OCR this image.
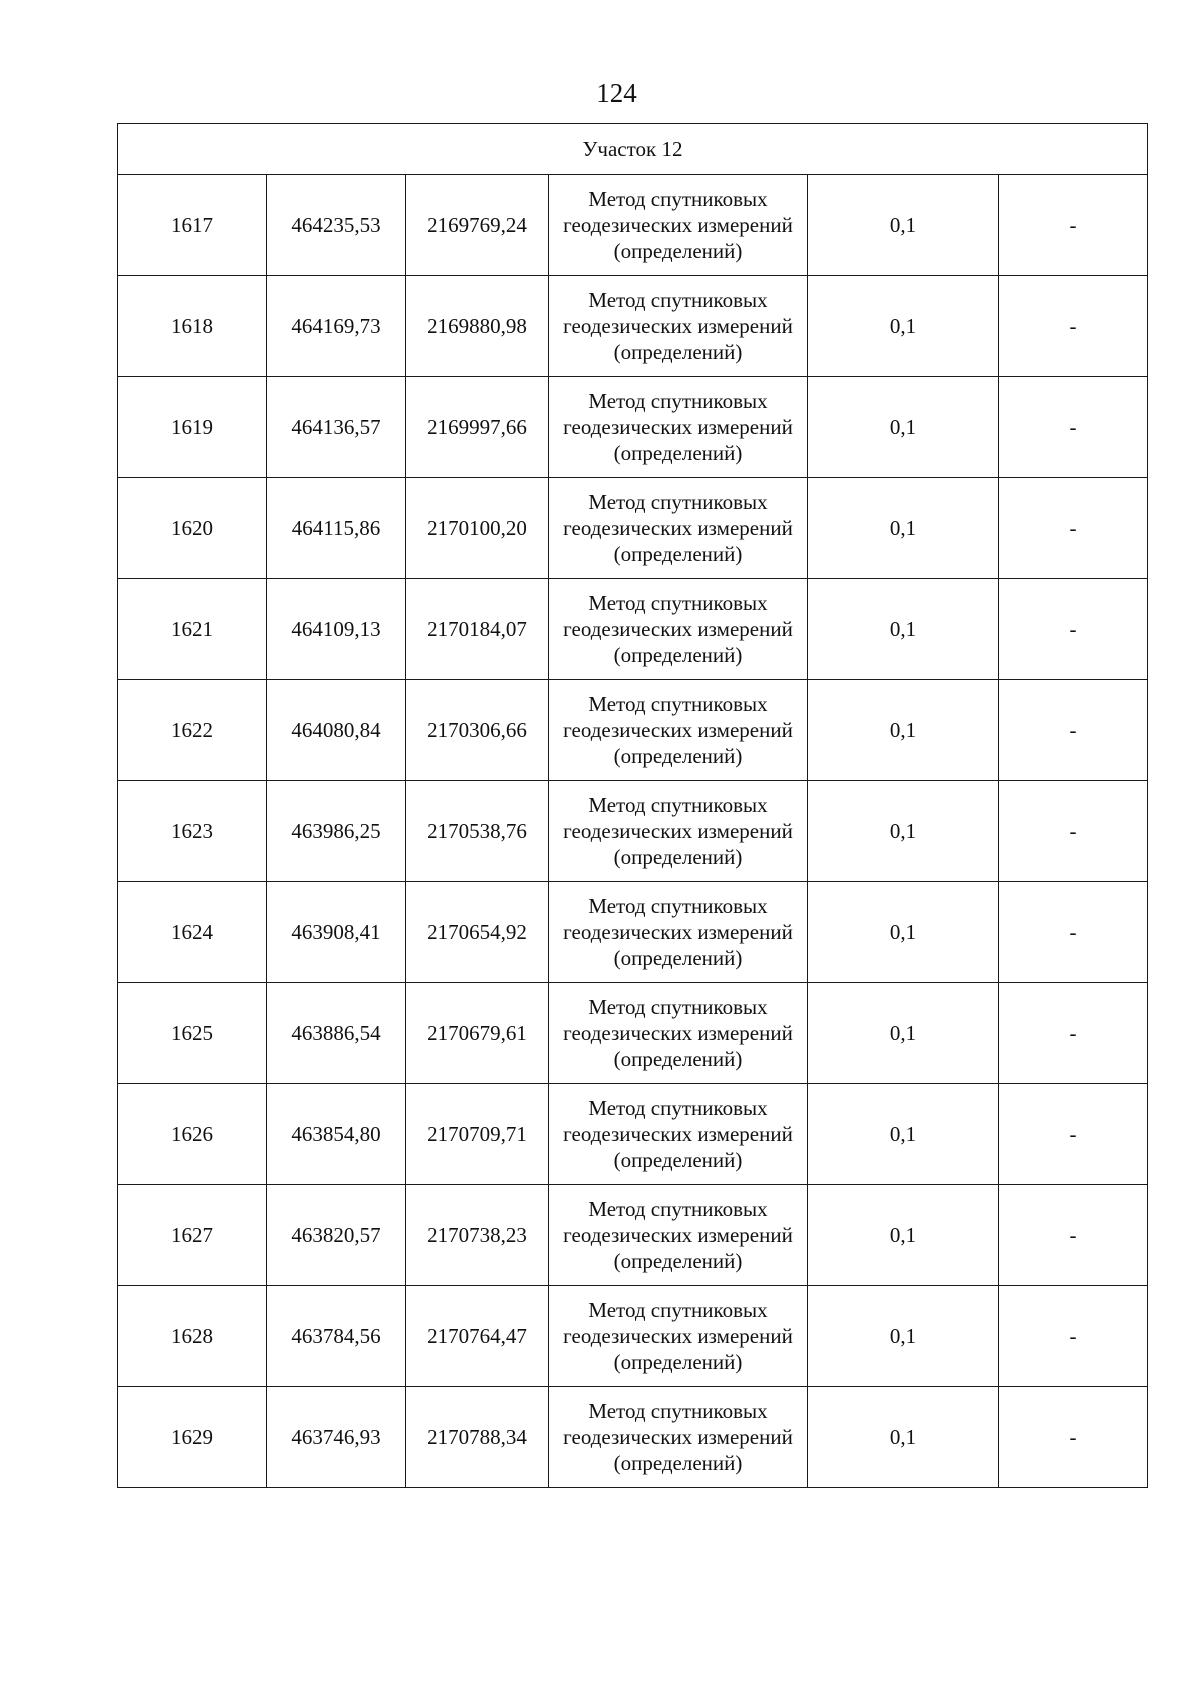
124
Участок 12					
1617	464235,53	2169769,24	Метод спутниковых
геодезических измерений
(определений)	0,1	-
1618	464169,73	2169880,98	Метод спутниковых
геодезических измерений
(определений)	0,1	-
1619	464136,57	2169997,66	Метод спутниковых
геодезических измерений
(определений)	0,1	-
1620	464115,86	2170100,20	Метод спутниковых
геодезических измерений
(определений)	0,1	-
1621	464109,13	2170184,07	Метод спутниковых
геодезических измерений
(определений)	0,1	-
1622	464080,84	2170306,66	Метод спутниковых
геодезических измерений
(определений)	0,1	-
1623	463986,25	2170538,76	Метод спутниковых
геодезических измерений
(определений)	0,1	-
1624	463908,41	2170654,92	Метод спутниковых
геодезических измерений
(определений)	0,1	-
1625	463886,54	2170679,61	Метод спутниковых
геодезических измерений
(определений)	0,1	-
1626	463854,80	2170709,71	Метод спутниковых
геодезических измерений
(определений)	0,1	-
1627	463820,57	2170738,23	Метод спутниковых
геодезических измерений
(определений)	0,1	-
1628	463784,56	2170764,47	Метод спутниковых
геодезических измерений
(определений)	0,1	-
1629	463746,93	2170788,34	Метод спутниковых
геодезических измерений
(определений)	0,1	-
